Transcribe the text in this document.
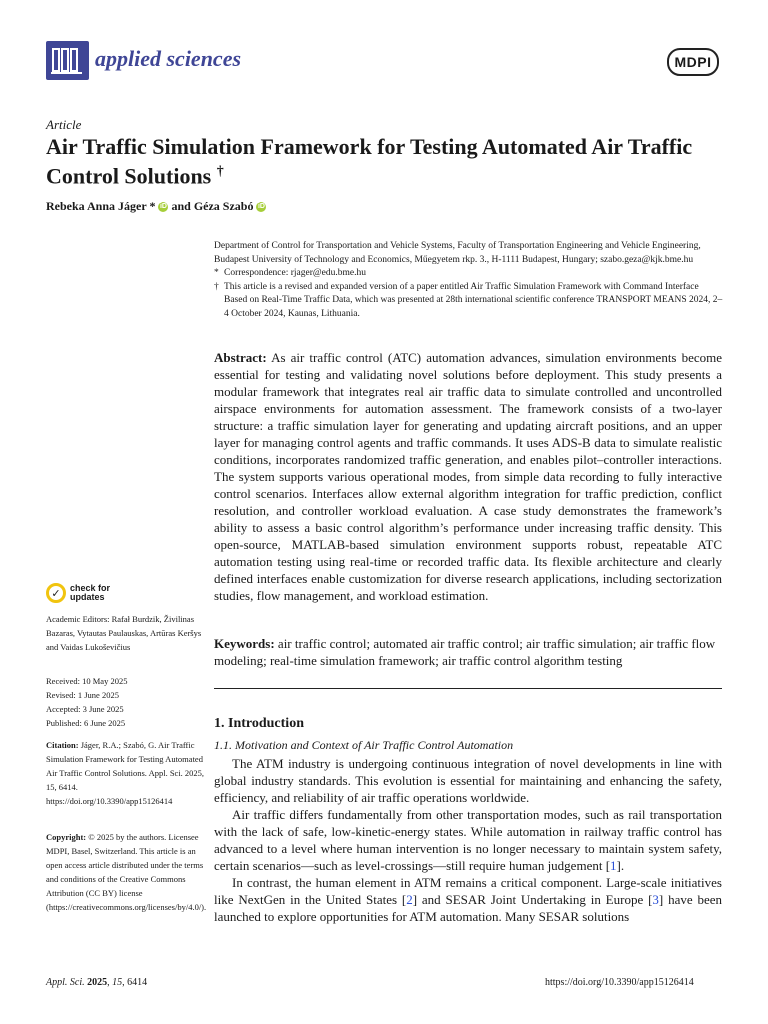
applied sciences	MDPI
Article
Air Traffic Simulation Framework for Testing Automated Air Traffic Control Solutions †
Rebeka Anna Jáger * iD and Géza Szabó iD
Department of Control for Transportation and Vehicle Systems, Faculty of Transportation Engineering and Vehicle Engineering, Budapest University of Technology and Economics, Műegyetem rkp. 3., H-1111 Budapest, Hungary; szabo.geza@kjk.bme.hu
* Correspondence: rjager@edu.bme.hu
† This article is a revised and expanded version of a paper entitled Air Traffic Simulation Framework with Command Interface Based on Real-Time Traffic Data, which was presented at 28th international scientific conference TRANSPORT MEANS 2024, 2–4 October 2024, Kaunas, Lithuania.
Abstract: As air traffic control (ATC) automation advances, simulation environments become essential for testing and validating novel solutions before deployment. This study presents a modular framework that integrates real air traffic data to simulate controlled and uncontrolled airspace environments for automation assessment. The framework consists of a two-layer structure: a traffic simulation layer for generating and updating aircraft positions, and an upper layer for managing control agents and traffic commands. It uses ADS-B data to simulate realistic conditions, incorporates randomized traffic generation, and enables pilot–controller interactions. The system supports various operational modes, from simple data recording to fully interactive control scenarios. Interfaces allow external algorithm integration for traffic prediction, conflict resolution, and controller workload evaluation. A case study demonstrates the framework’s ability to assess a basic control algorithm’s performance under increasing traffic density. This open-source, MATLAB-based simulation environment supports robust, repeatable ATC automation testing using real-time or recorded traffic data. Its flexible architecture and clearly defined interfaces enable customization for diverse research applications, including sectorization studies, flow management, and workload estimation.
Keywords: air traffic control; automated air traffic control; air traffic simulation; air traffic flow modeling; real-time simulation framework; air traffic control algorithm testing
✓	check for
updates
Academic Editors: Rafał Burdzik, Živilinas Bazaras, Vytautas Paulauskas, Artūras Keršys and Vaidas Lukoševičius
Received: 10 May 2025
Revised: 1 June 2025
Accepted: 3 June 2025
Published: 6 June 2025
Citation: Jáger, R.A.; Szabó, G. Air Traffic Simulation Framework for Testing Automated Air Traffic Control Solutions. Appl. Sci. 2025, 15, 6414. https://doi.org/10.3390/app15126414
Copyright: © 2025 by the authors. Licensee MDPI, Basel, Switzerland. This article is an open access article distributed under the terms and conditions of the Creative Commons Attribution (CC BY) license (https://creativecommons.org/licenses/by/4.0/).
1. Introduction
1.1. Motivation and Context of Air Traffic Control Automation

The ATM industry is undergoing continuous integration of novel developments in line with global industry standards. This evolution is essential for maintaining and enhancing the safety, efficiency, and reliability of air traffic operations worldwide.

Air traffic differs fundamentally from other transportation modes, such as rail transportation with the lack of safe, low-kinetic-energy states. While automation in railway traffic control has advanced to a level where human intervention is no longer necessary to maintain system safety, certain scenarios—such as level-crossings—still require human judgement [1].

In contrast, the human element in ATM remains a critical component. Large-scale initiatives like NextGen in the United States [2] and SESAR Joint Undertaking in Europe [3] have been launched to explore opportunities for ATM automation. Many SESAR solutions

Appl. Sci. 2025, 15, 6414	https://doi.org/10.3390/app15126414
